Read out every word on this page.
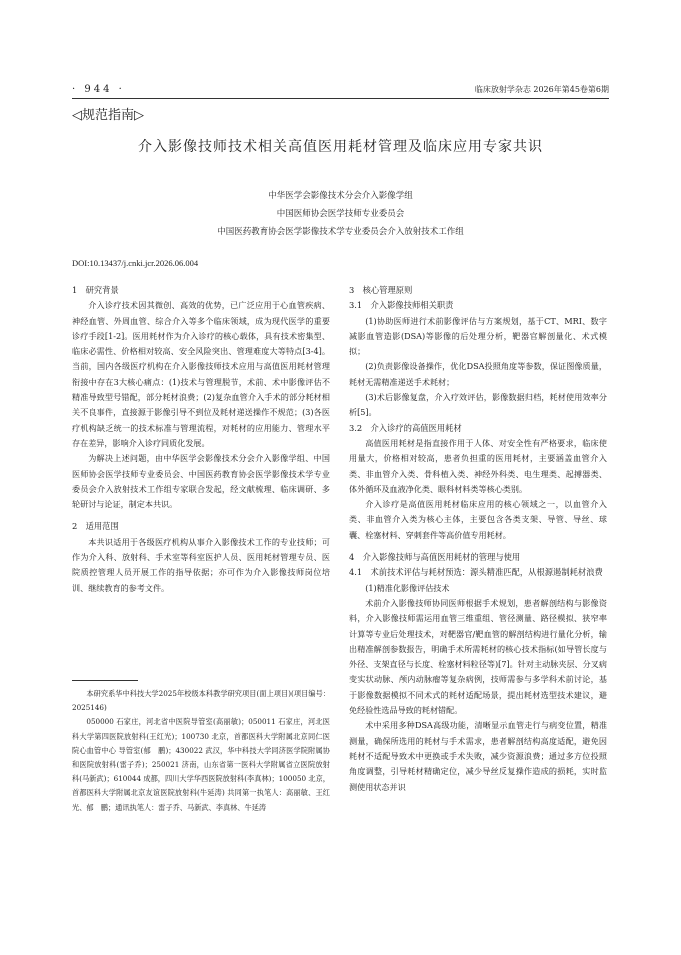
· 944 ·	临床放射学杂志 2026年第45卷第6期
◁规范指南▷
介入影像技师技术相关高值医用耗材管理及临床应用专家共识
中华医学会影像技术分会介入影像学组
中国医师协会医学技师专业委员会
中国医药教育协会医学影像技术学专业委员会介入放射技术工作组
DOI:10.13437/j.cnki.jcr.2026.06.004
1　研究背景

介入诊疗技术因其微创、高效的优势，已广泛应用于心血管疾病、神经血管、外周血管、综合介入等多个临床领域，成为现代医学的重要诊疗手段[1-2]。医用耗材作为介入诊疗的核心载体，具有技术密集型、临床必需性、价格相对较高、安全风险突出、管理难度大等特点[3-4]。当前，国内各级医疗机构在介入影像技师技术应用与高值医用耗材管理衔接中存在3大核心痛点：(1)技术与管理脱节，术前、术中影像评估不精准导致型号错配，部分耗材浪费；(2)复杂血管介入手术的部分耗材相关不良事件，直接源于影像引导不到位及耗材递送操作不规范；(3)各医疗机构缺乏统一的技术标准与管理流程，对耗材的应用能力、管理水平存在差异，影响介入诊疗同质化发展。

为解决上述问题，由中华医学会影像技术分会介入影像学组、中国医师协会医学技师专业委员会、中国医药教育协会医学影像技术学专业委员会介入放射技术工作组专家联合发起，经文献梳理、临床调研、多轮研讨与论证，制定本共识。

2　适用范围

本共识适用于各级医疗机构从事介入影像技术工作的专业技师；可作为介入科、放射科、手术室等科室医护人员、医用耗材管理专员、医院质控管理人员开展工作的指导依据；亦可作为介入影像技师岗位培训、继续教育的参考文件。

本研究系华中科技大学2025年校级本科教学研究项目(面上项目)(项目编号：2025146)

050000 石家庄，河北省中医院导管室(高丽敏)；050011 石家庄，河北医科大学第四医院放射科(王红光)；100730 北京，首都医科大学附属北京同仁医院心血管中心 导管室(郁　鹏)；430022 武汉，华中科技大学同济医学院附属协和医院放射科(雷子乔)；250021 济南，山东省第一医科大学附属省立医院放射科(马新武)；610044 成都，四川大学华西医院放射科(李真林)；100050 北京，首都医科大学附属北京友谊医院放射科(牛延涛) 共同第一执笔人：高丽敏、王红光、郁　鹏；通讯执笔人：雷子乔、马新武、李真林、牛延涛

3　核心管理原则
3.1　介入影像技师相关职责

(1)协助医师进行术前影像评估与方案规划，基于CT、MRI、数字减影血管造影(DSA)等影像的后处理分析，靶器官解剖量化、术式模拟；

(2)负责影像设备操作，优化DSA投照角度等参数，保证图像质量，耗材无需精准递送手术耗材；

(3)术后影像复盘，介入疗效评估，影像数据归档，耗材使用效率分析[5]。

3.2　介入诊疗的高值医用耗材

高值医用耗材是指直接作用于人体、对安全性有严格要求，临床使用量大，价格相对较高，患者负担重的医用耗材，主要涵盖血管介入类、非血管介入类、骨科植入类、神经外科类、电生理类、起搏器类、体外循环及血液净化类、眼科材料类等核心类别。

介入诊疗是高值医用耗材临床应用的核心领域之一，以血管介入类、非血管介入类为核心主体，主要包含各类支架、导管、导丝、球囊、栓塞材料、穿刺套件等高价值专用耗材。

4　介入影像技师与高值医用耗材的管理与使用
4.1　术前技术评估与耗材预选：源头精准匹配，从根源遏制耗材浪费

(1)精准化影像评估技术

术前介入影像技师协同医师根据手术规划，患者解剖结构与影像资料，介入影像技师需运用血管三维重组、管径测量、路径模拟、狭窄率计算等专业后处理技术，对靶器官/靶血管的解剖结构进行量化分析，输出精准解剖参数报告，明确手术所需耗材的核心技术指标(如导管长度与外径、支架直径与长度、栓塞材料粒径等)[7]。针对主动脉夹层、分叉病变实状动脉、颅内动脉瘤等复杂病例，技师需参与多学科术前讨论，基于影像数据模拟不同术式的耗材适配场景，提出耗材选型技术建议，避免经验性选品导致的耗材错配。

术中采用多种DSA高级功能，清晰显示血管走行与病变位置，精准测量，确保所选用的耗材与手术需求，患者解剖结构高度适配，避免因耗材不适配导致术中更换或手术失败，减少资源浪费；通过多方位投照角度调整，引导耗材精确定位，减少导丝反复操作造成的损耗，实时监测使用状态并识
